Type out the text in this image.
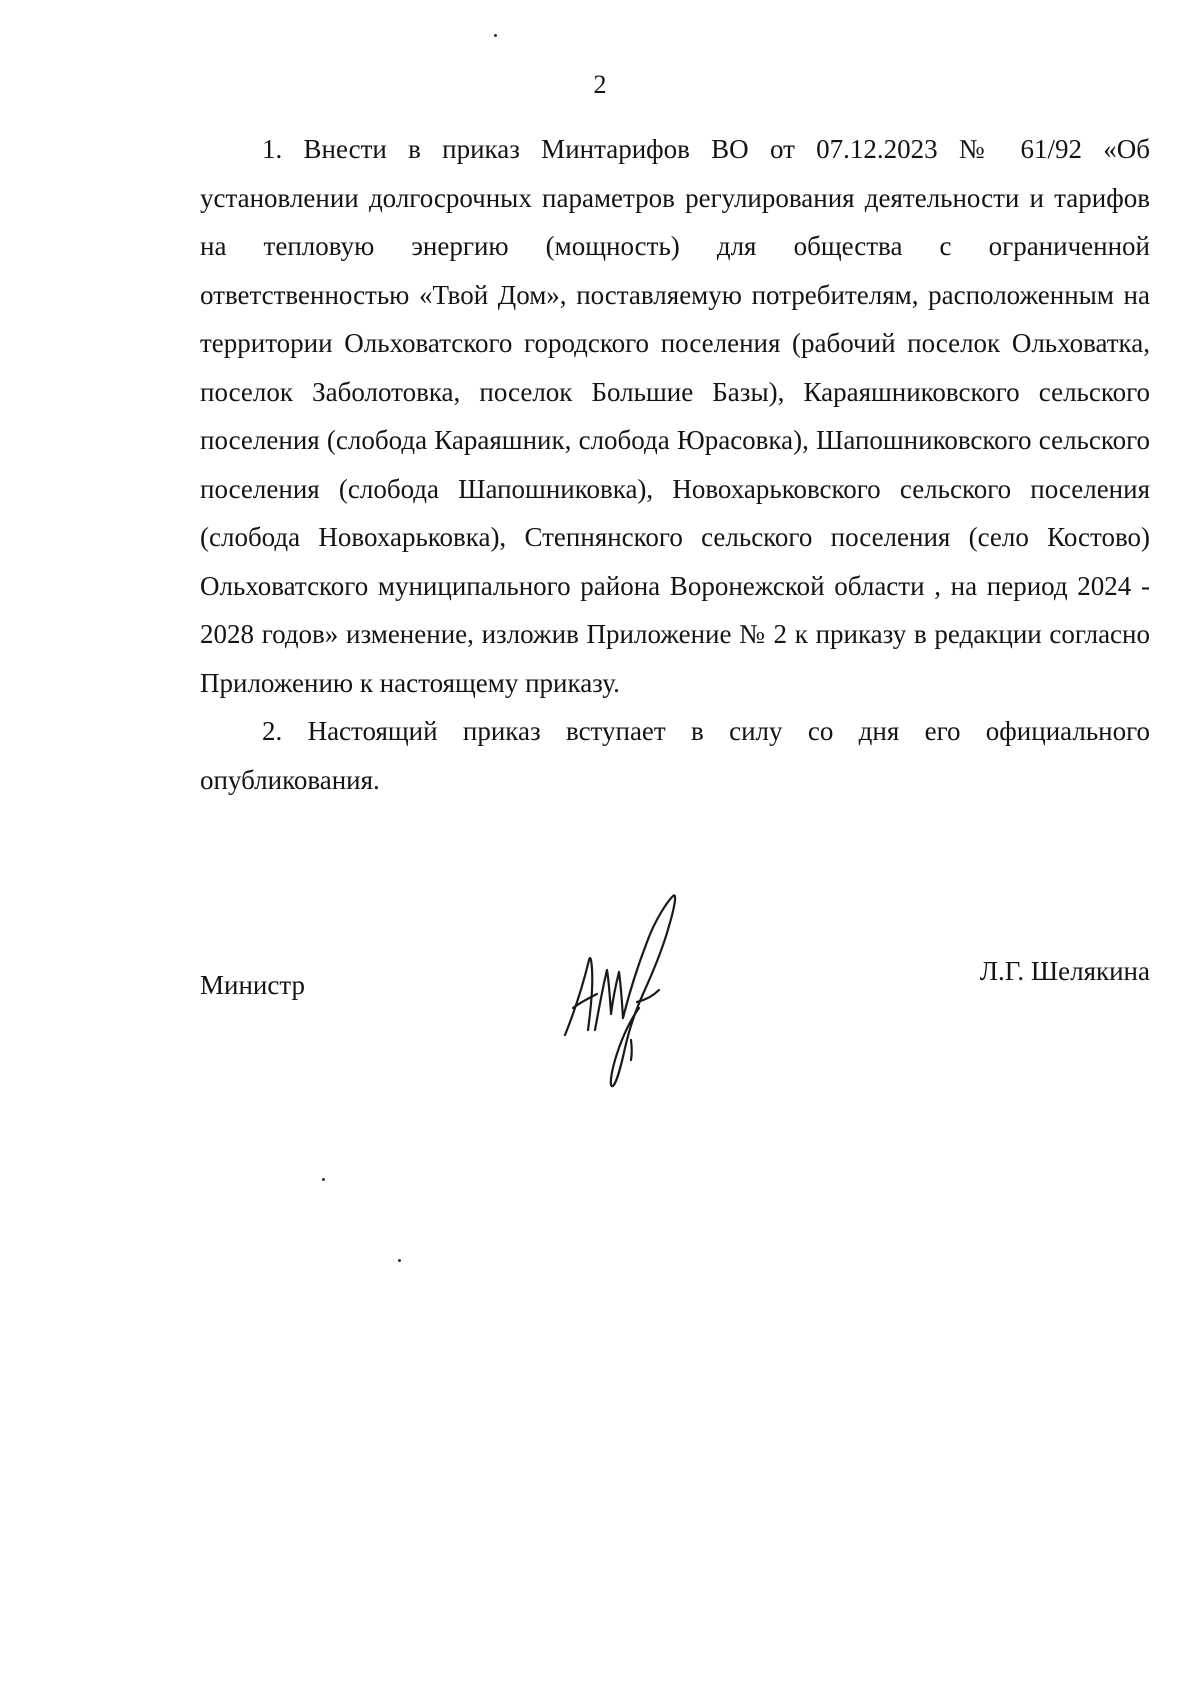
2

1. Внести в приказ Минтарифов ВО от 07.12.2023 № 61/92 «Об установлении долгосрочных параметров регулирования деятельности и тарифов на тепловую энергию (мощность) для общества с ограниченной ответственностью «Твой Дом», поставляемую потребителям, расположенным на территории Ольховатского городского поселения (рабочий поселок Ольховатка, поселок Заболотовка, поселок Большие Базы), Караяшниковского сельского поселения (слобода Караяшник, слобода Юрасовка), Шапошниковского сельского поселения (слобода Шапошниковка), Новохарьковского сельского поселения (слобода Новохарьковка), Степнянского сельского поселения (село Костово) Ольховатского муниципального района Воронежской области , на период 2024 - 2028 годов» изменение, изложив Приложение № 2 к приказу в редакции согласно Приложению к настоящему приказу.

2. Настоящий приказ вступает в силу со дня его официального опубликования.

Министр	Л.Г. Шелякина
